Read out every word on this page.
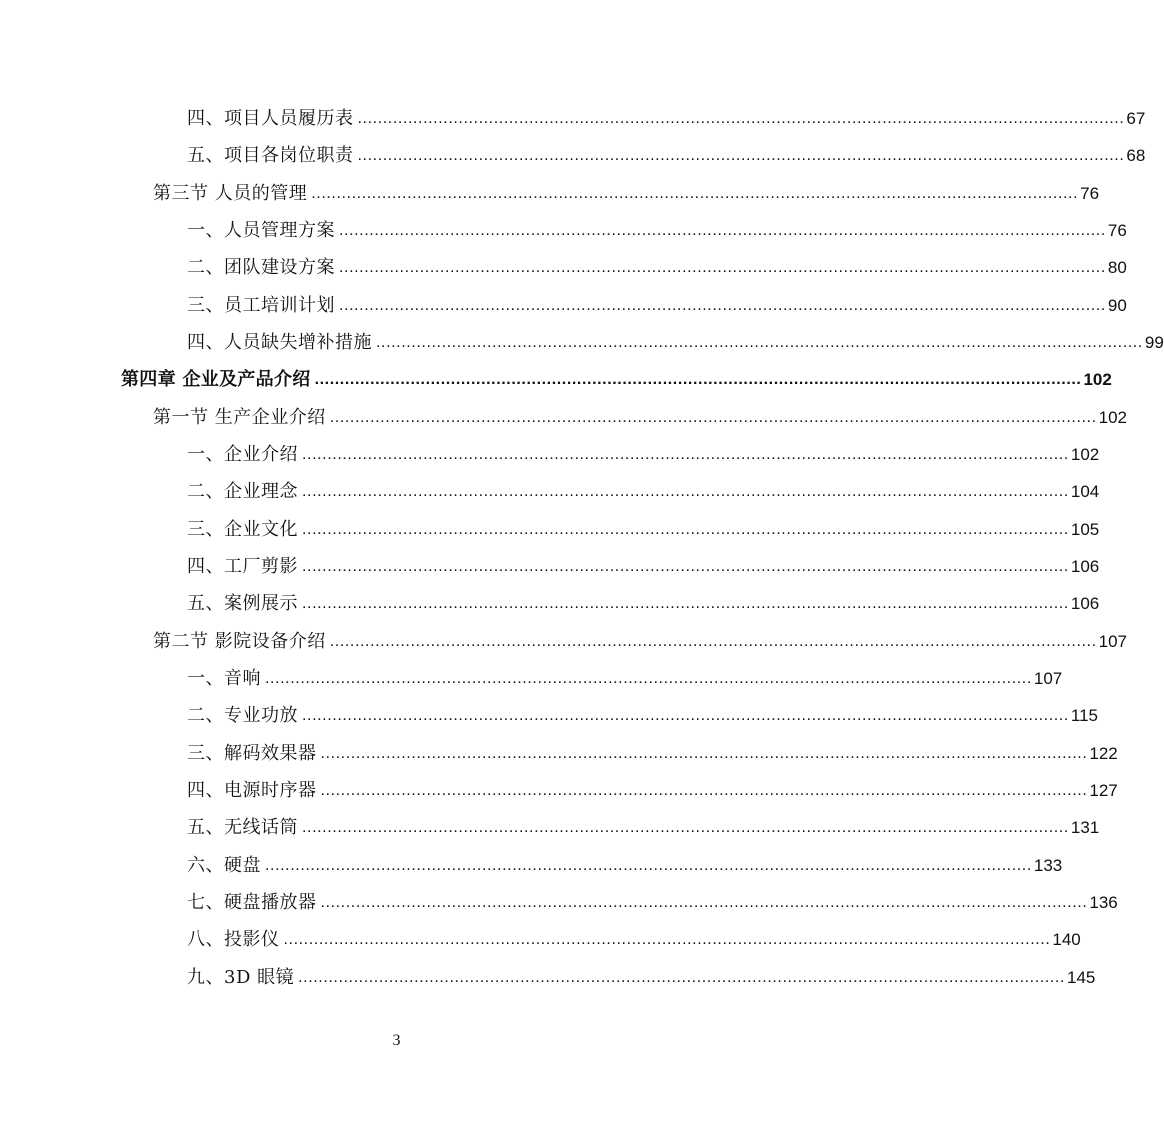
四、项目人员履历表 ........................................................................................................................................................ 67
五、项目各岗位职责 ........................................................................................................................................................ 68
第三节 人员的管理 ........................................................................................................................................................ 76
一、人员管理方案 ........................................................................................................................................................ 76
二、团队建设方案 ........................................................................................................................................................ 80
三、员工培训计划 ........................................................................................................................................................ 90
四、人员缺失增补措施 ........................................................................................................................................................ 99
第四章 企业及产品介绍 ........................................................................................................................................................ 102
第一节 生产企业介绍 ........................................................................................................................................................ 102
一、企业介绍 ........................................................................................................................................................ 102
二、企业理念 ........................................................................................................................................................ 104
三、企业文化 ........................................................................................................................................................ 105
四、工厂剪影 ........................................................................................................................................................ 106
五、案例展示 ........................................................................................................................................................ 106
第二节 影院设备介绍 ........................................................................................................................................................ 107
一、音响 ........................................................................................................................................................ 107
二、专业功放 ........................................................................................................................................................ 115
三、解码效果器 ........................................................................................................................................................ 122
四、电源时序器 ........................................................................................................................................................ 127
五、无线话筒 ........................................................................................................................................................ 131
六、硬盘 ........................................................................................................................................................ 133
七、硬盘播放器 ........................................................................................................................................................ 136
八、投影仪 ........................................................................................................................................................ 140
九、3D 眼镜 ........................................................................................................................................................ 145
3
